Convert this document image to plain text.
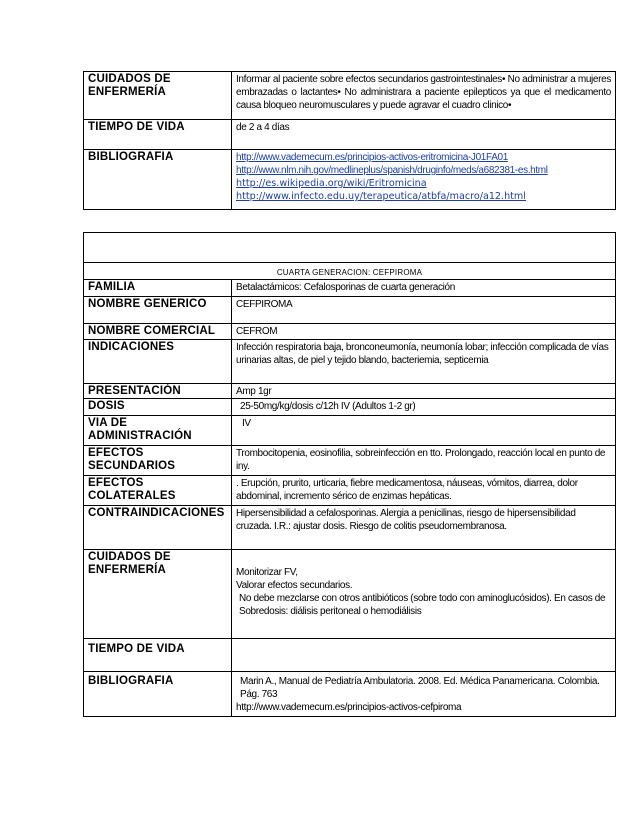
CUIDADOS DE ENFERMERÍA	Informar al paciente sobre efectos secundarios gastrointestinales• No administrar a mujeres embrazadas o lactantes• No administrara a paciente epilepticos ya que el medicamento causa bloqueo neuromusculares y puede agravar el cuadro clinico•
TIEMPO DE VIDA	de 2 a 4 días
BIBLIOGRAFIA	http://www.vademecum.es/principios-activos-eritromicina-J01FA01
http://www.nlm.nih.gov/medlineplus/spanish/druginfo/meds/a682381-es.html
http://es.wikipedia.org/wiki/Eritromicina
http://www.infecto.edu.uy/terapeutica/atbfa/macro/a12.html

CUARTA GENERACION: CEFPIROMA	
FAMILIA	Betalactámicos: Cefalosporinas de cuarta generación
NOMBRE GENERICO	CEFPIROMA
NOMBRE COMERCIAL	CEFROM
INDICACIONES	Infección respiratoria baja, bronconeumonía, neumonía lobar; infección complicada de vías urinarias altas, de piel y tejido blando, bacteriemia, septicemia
PRESENTACIÓN	Amp 1gr
DOSIS	25-50mg/kg/dosis c/12h IV (Adultos 1-2 gr)
VIA DE ADMINISTRACIÓN	IV
EFECTOS SECUNDARIOS	Trombocitopenia, eosinofilia, sobreinfección en tto. Prolongado, reacción local en punto de iny.
EFECTOS COLATERALES	. Erupción, prurito, urticaria, fiebre medicamentosa, náuseas, vómitos, diarrea, dolor abdominal, incremento sérico de enzimas hepáticas.
CONTRAINDICACIONES	Hipersensibilidad a cefalosporinas. Alergia a penicilinas, riesgo de hipersensibilidad cruzada. I.R.: ajustar dosis. Riesgo de colitis pseudomembranosa.
CUIDADOS DE ENFERMERÍA	Monitorizar FV,
Valorar efectos secundarios.
No debe mezclarse con otros antibióticos (sobre todo con aminoglucósidos). En casos de Sobredosis: diálisis peritoneal o hemodiálisis

TIEMPO DE VIDA	
BIBLIOGRAFIA	Marin A., Manual de Pediatría Ambulatoria. 2008. Ed. Médica Panamericana. Colombia. Pág. 763
http://www.vademecum.es/principios-activos-cefpiroma
